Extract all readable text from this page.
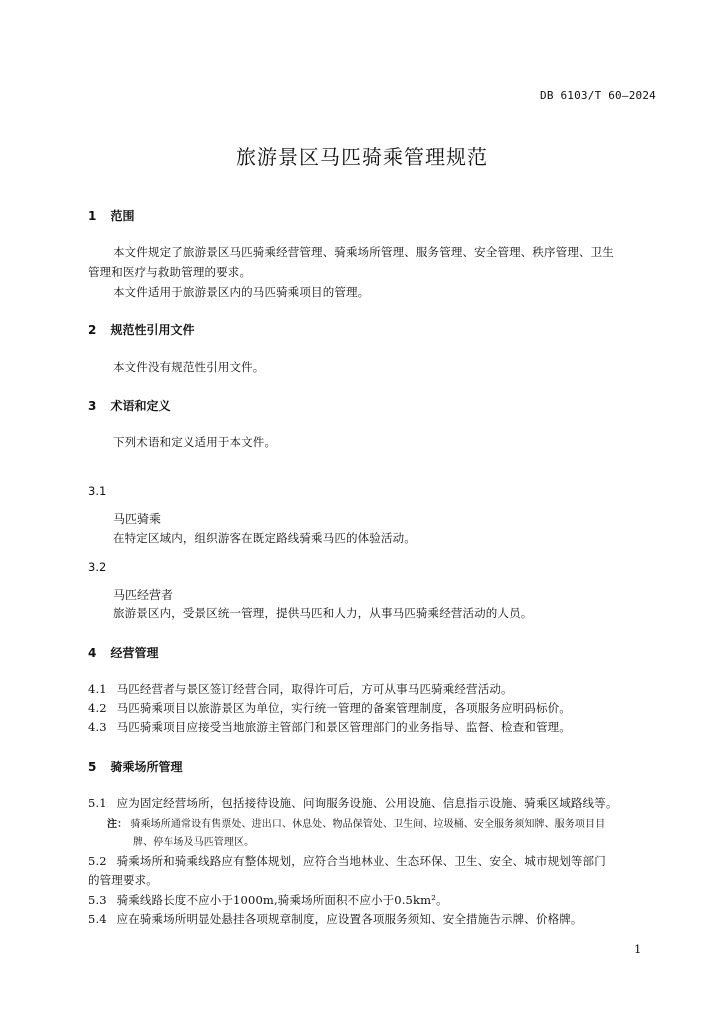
DB 6103/T 60—2024
旅游景区马匹骑乘管理规范
1 范围
本文件规定了旅游景区马匹骑乘经营管理、骑乘场所管理、服务管理、安全管理、秩序管理、卫生
管理和医疗与救助管理的要求。
本文件适用于旅游景区内的马匹骑乘项目的管理。
2 规范性引用文件
本文件没有规范性引用文件。
3 术语和定义
下列术语和定义适用于本文件。
3.1
马匹骑乘
在特定区域内，组织游客在既定路线骑乘马匹的体验活动。
3.2
马匹经营者
旅游景区内，受景区统一管理，提供马匹和人力，从事马匹骑乘经营活动的人员。
4 经营管理
4.1 马匹经营者与景区签订经营合同，取得许可后，方可从事马匹骑乘经营活动。
4.2 马匹骑乘项目以旅游景区为单位，实行统一管理的备案管理制度，各项服务应明码标价。
4.3 马匹骑乘项目应接受当地旅游主管部门和景区管理部门的业务指导、监督、检查和管理。
5 骑乘场所管理
5.1 应为固定经营场所，包括接待设施、问询服务设施、公用设施、信息指示设施、骑乘区域路线等。
注： 骑乘场所通常设有售票处、进出口、休息处、物品保管处、卫生间、垃圾桶、安全服务须知牌、服务项目目
牌、停车场及马匹管理区。
5.2 骑乘场所和骑乘线路应有整体规划，应符合当地林业、生态环保、卫生、安全、城市规划等部门
的管理要求。
5.3 骑乘线路长度不应小于1000m,骑乘场所面积不应小于0.5km²。
5.4 应在骑乘场所明显处悬挂各项规章制度，应设置各项服务须知、安全措施告示牌、价格牌。
1
